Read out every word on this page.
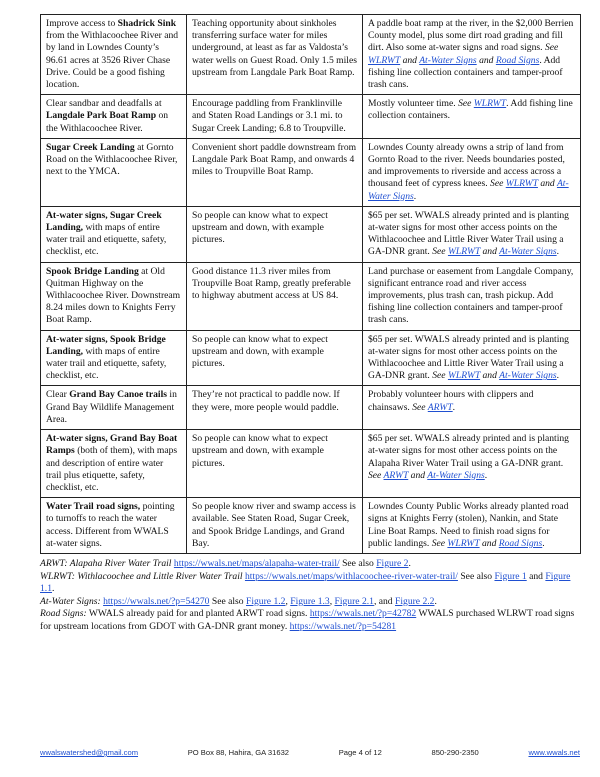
Improve access to Shadrick Sink from the Withlacoochee River and by land in Lowndes County’s 96.61 acres at 3526 River Chase Drive. Could be a good fishing location.	Teaching opportunity about sinkholes transferring surface water for miles underground, at least as far as Valdosta’s water wells on Guest Road. Only 1.5 miles upstream from Langdale Park Boat Ramp.	A paddle boat ramp at the river, in the $2,000 Berrien County model, plus some dirt road grading and fill dirt. Also some at-water signs and road signs. See WLRWT and At-Water Signs and Road Signs. Add fishing line collection containers and tamper-proof trash cans.
Clear sandbar and deadfalls at Langdale Park Boat Ramp on the Withlacoochee River.	Encourage paddling from Franklinville and Staten Road Landings or 3.1 mi. to Sugar Creek Landing; 6.8 to Troupville.	Mostly volunteer time. See WLRWT. Add fishing line collection containers.
Sugar Creek Landing at Gornto Road on the Withlacoochee River, next to the YMCA.	Convenient short paddle downstream from Langdale Park Boat Ramp, and onwards 4 miles to Troupville Boat Ramp.	Lowndes County already owns a strip of land from Gornto Road to the river. Needs boundaries posted, and improvements to riverside and access across a thousand feet of cypress knees. See WLRWT and At-Water Signs.
At-water signs, Sugar Creek Landing, with maps of entire water trail and etiquette, safety, checklist, etc.	So people can know what to expect upstream and down, with example pictures.	$65 per set. WWALS already printed and is planting at-water signs for most other access points on the Withlacoochee and Little River Water Trail using a GA-DNR grant. See WLRWT and At-Water Signs.
Spook Bridge Landing at Old Quitman Highway on the Withlacoochee River. Downstream 8.24 miles down to Knights Ferry Boat Ramp.	Good distance 11.3 river miles from Troupville Boat Ramp, greatly preferable to highway abutment access at US 84.	Land purchase or easement from Langdale Company, significant entrance road and river access improvements, plus trash can, trash pickup. Add fishing line collection containers and tamper-proof trash cans.
At-water signs, Spook Bridge Landing, with maps of entire water trail and etiquette, safety, checklist, etc.	So people can know what to expect upstream and down, with example pictures.	$65 per set. WWALS already printed and is planting at-water signs for most other access points on the Withlacoochee and Little River Water Trail using a GA-DNR grant. See WLRWT and At-Water Signs.
Clear Grand Bay Canoe trails in Grand Bay Wildlife Management Area.	They’re not practical to paddle now. If they were, more people would paddle.	Probably volunteer hours with clippers and chainsaws. See ARWT.
At-water signs, Grand Bay Boat Ramps (both of them), with maps and description of entire water trail plus etiquette, safety, checklist, etc.	So people can know what to expect upstream and down, with example pictures.	$65 per set. WWALS already printed and is planting at-water signs for most other access points on the Alapaha River Water Trail using a GA-DNR grant. See ARWT and At-Water Signs.
Water Trail road signs, pointing to turnoffs to reach the water access. Different from WWALS at-water signs.	So people know river and swamp access is available. See Staten Road, Sugar Creek, and Spook Bridge Landings, and Grand Bay.	Lowndes County Public Works already planted road signs at Knights Ferry (stolen), Nankin, and State Line Boat Ramps. Need to finish road signs for public landings. See WLRWT and Road Signs.

ARWT: Alapaha River Water Trail https://wwals.net/maps/alapaha-water-trail/ See also Figure 2.

WLRWT: Withlacoochee and Little River Water Trail https://wwals.net/maps/withlacoochee-river-water-trail/ See also Figure 1 and Figure 1.1.

At-Water Signs: https://wwals.net/?p=54270 See also Figure 1.2, Figure 1.3, Figure 2.1, and Figure 2.2.

Road Signs: WWALS already paid for and planted ARWT road signs. https://wwals.net/?p=42782 WWALS purchased WLRWT road signs for upstream locations from GDOT with GA-DNR grant money. https://wwals.net/?p=54281

wwalswatershed@gmail.com	PO Box 88, Hahira, GA 31632	Page 4 of 12	850-290-2350	www.wwals.net
